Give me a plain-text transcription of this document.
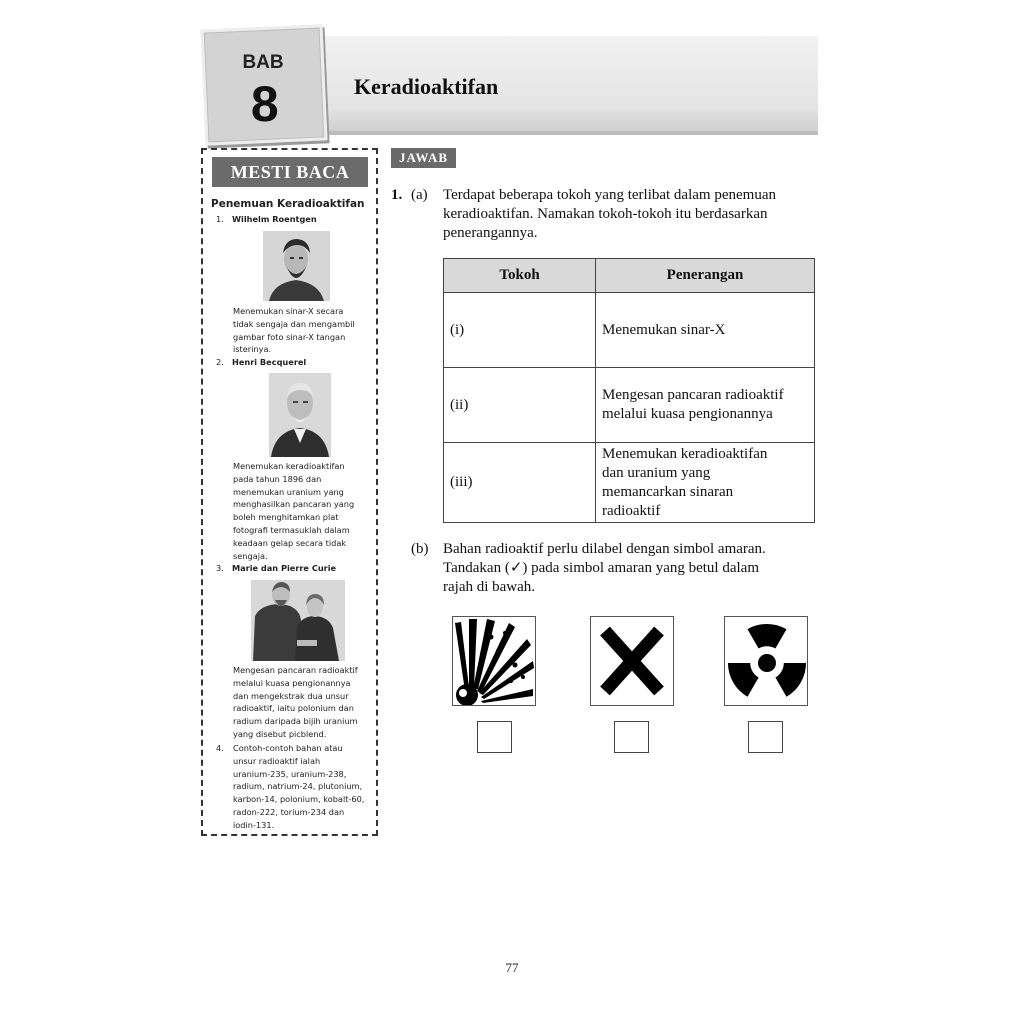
BAB
8	Keradioaktifan
MESTI BACA
Penemuan Keradioaktifan
1. Wilhelm Roentgen
Menemukan sinar-X secara
tidak sengaja dan mengambil
gambar foto sinar-X tangan
isterinya.
2. Henri Becquerel
Menemukan keradioaktifan
pada tahun 1896 dan
menemukan uranium yang
menghasilkan pancaran yang
boleh menghitamkan plat
fotografi termasuklah dalam
keadaan gelap secara tidak
sengaja.
3. Marie dan Pierre Curie
Mengesan pancaran radioaktif
melalui kuasa pengionannya
dan mengekstrak dua unsur
radioaktif, iaitu polonium dan
radium daripada bijih uranium
yang disebut picblend.
4. Contoh-contoh bahan atau
unsur radioaktif ialah
uranium-235, uranium-238,
radium, natrium-24, plutonium,
karbon-14, polonium, kobalt-60,
radon-222, torium-234 dan
iodin-131.
JAWAB
1. (a) Terdapat beberapa tokoh yang terlibat dalam penemuan
keradioaktifan. Namakan tokoh-tokoh itu berdasarkan
penerangannya.
Tokoh	Penerangan
(i)	Menemukan sinar-X

(ii)	Mengesan pancaran radioaktif
melalui kuasa pengionannya

(iii)	Menemukan keradioaktifan
dan uranium yang
memancarkan sinaran
radioaktif
(b) Bahan radioaktif perlu dilabel dengan simbol amaran.
Tandakan (✓) pada simbol amaran yang betul dalam
rajah di bawah.
77
